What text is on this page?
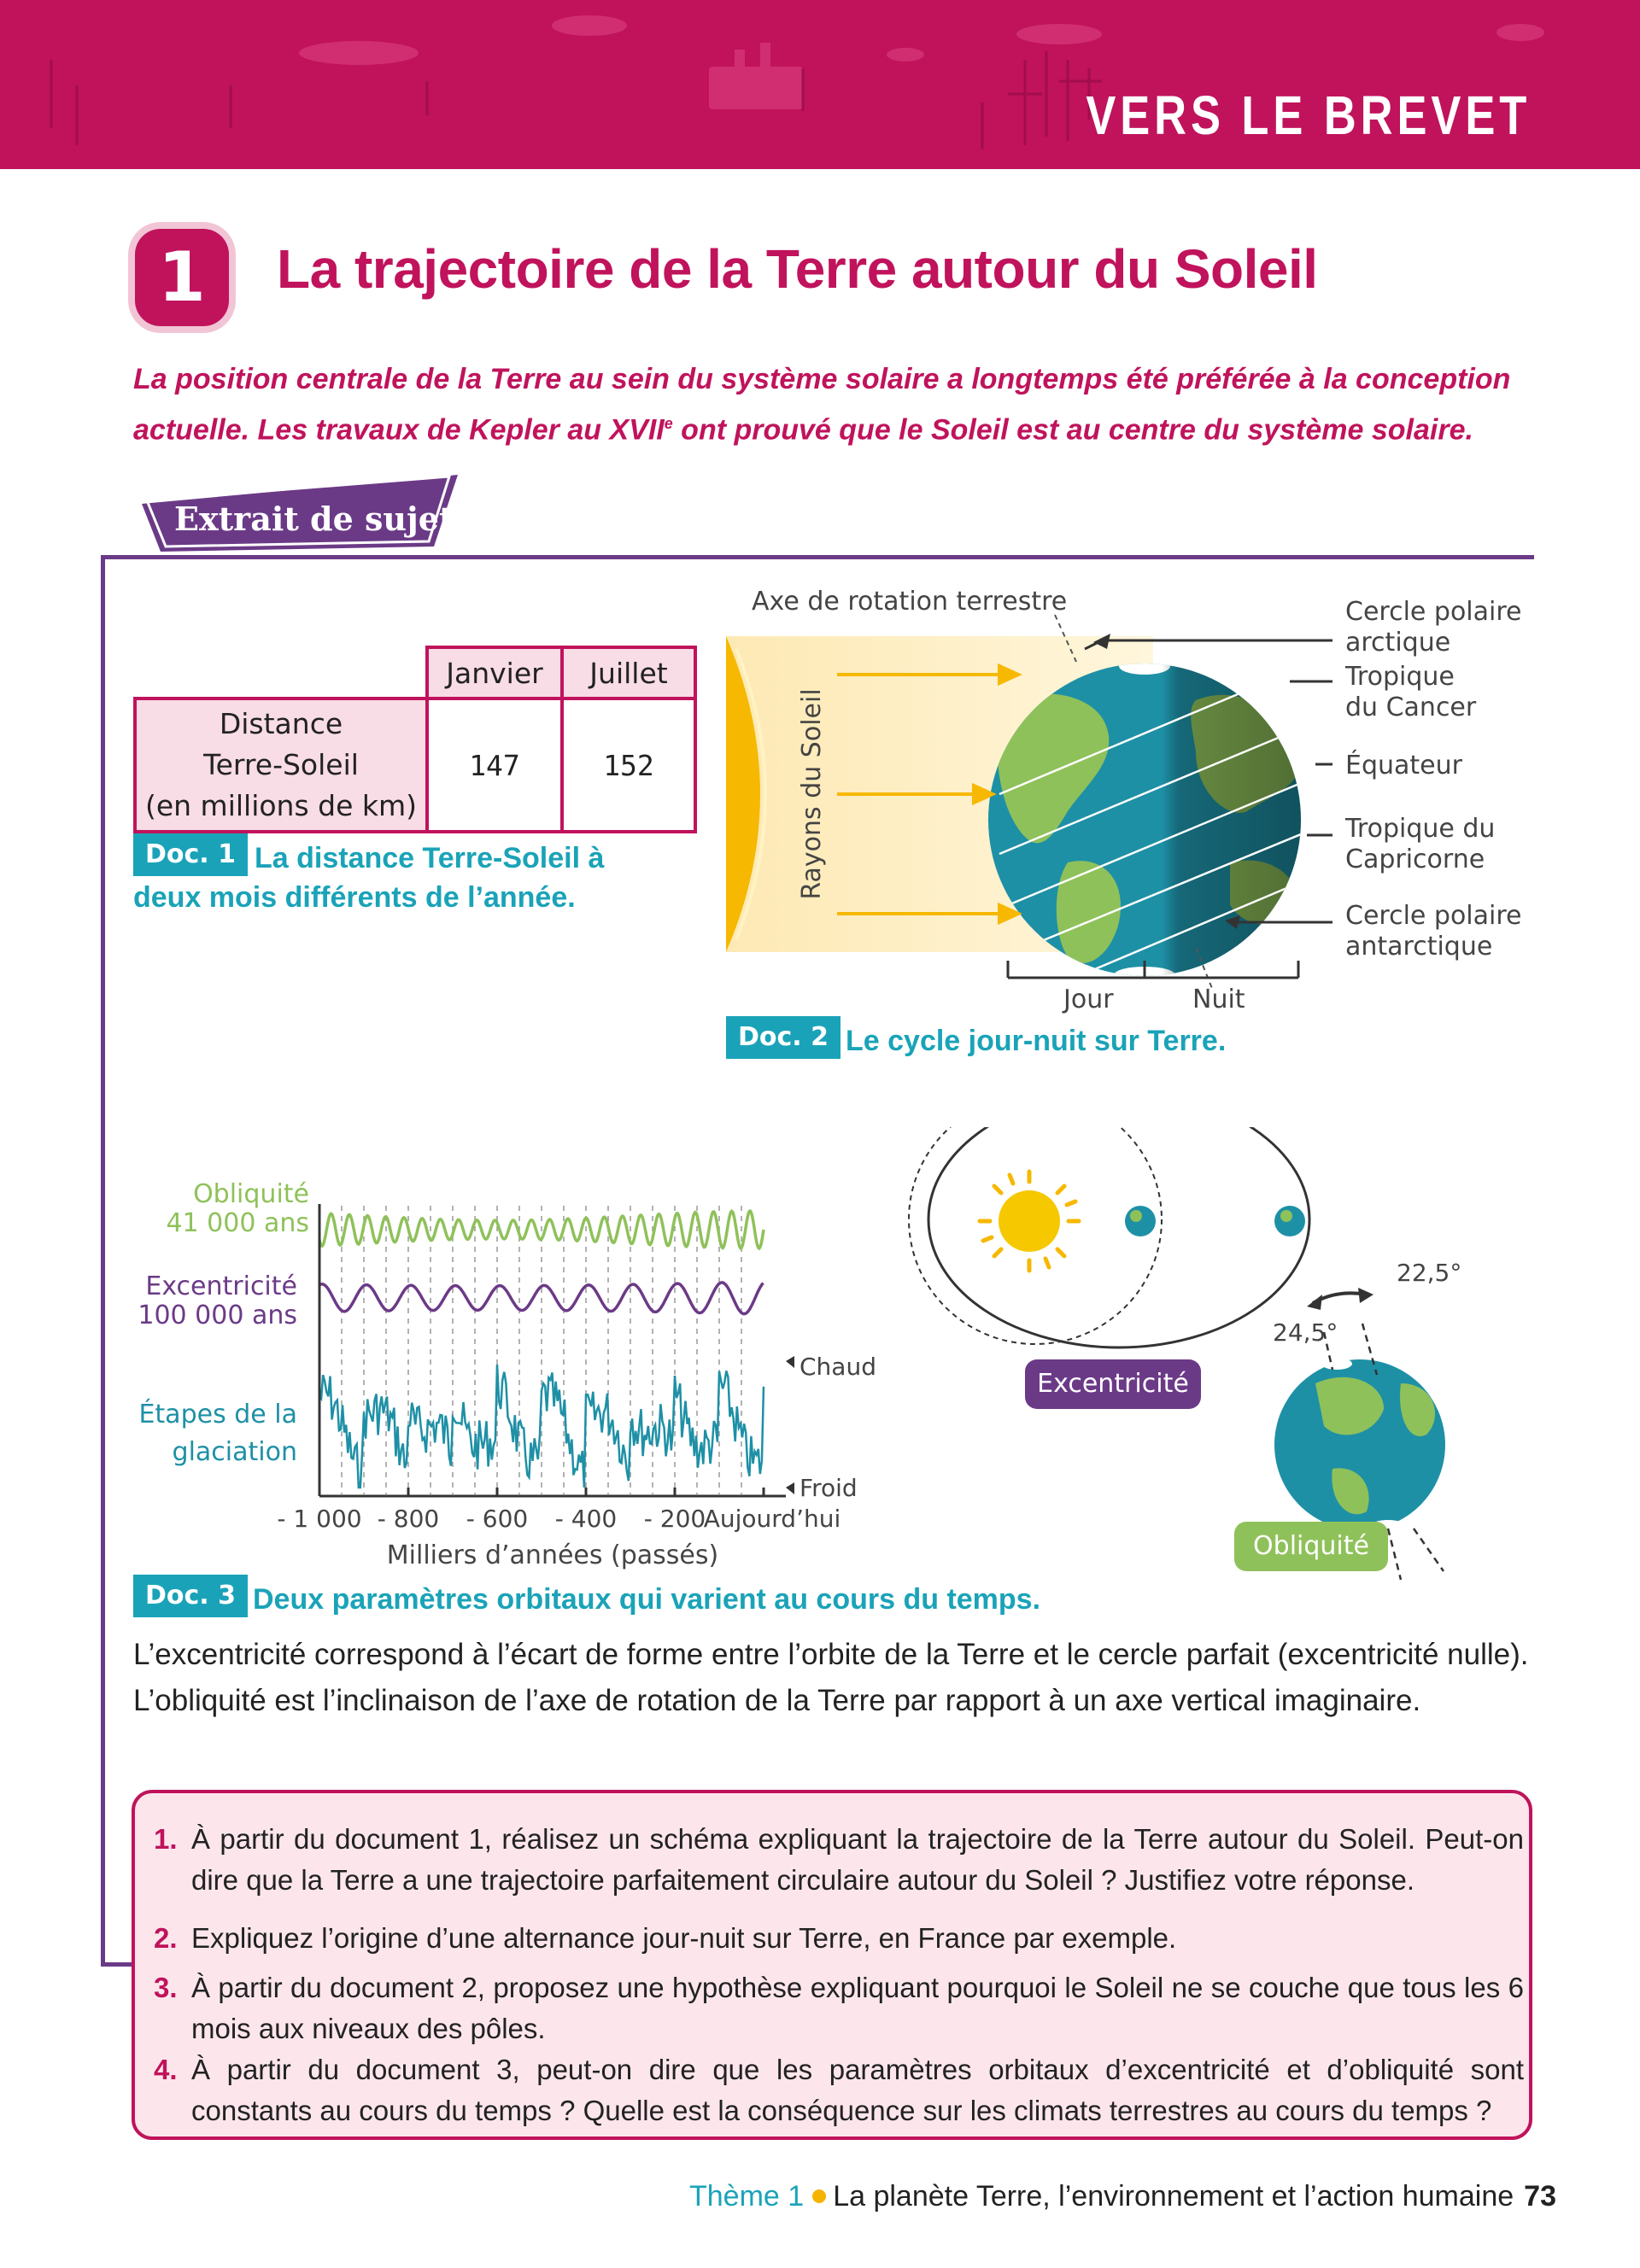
VERS LE BREVET
1	La trajectoire de la Terre autour du Soleil
La position centrale de la Terre au sein du système solaire a longtemps été préférée à la conception actuelle. Les travaux de Kepler au XVIIe ont prouvé que le Soleil est au centre du système solaire.
Extrait de sujet
	Janvier	Juillet

Distance
Terre-Soleil
(en millions de km)	147	152
Doc. 1 La distance Terre-Soleil à
deux mois différents de l’année.	Rayons du Soleil
Axe de rotation terrestre	Cercle polaire
arctique
Tropique
du Cancer
Équateur
Tropique du
Capricorne
Cercle polaire
antarctique
Jour	Nuit
Doc. 2 Le cycle jour-nuit sur Terre.
Obliquité
41 000 ans
Excentricité
100 000 ans
Étapes de la
glaciation
Chaud
Froid
- 1 000 - 800 - 600 - 400 - 200
Aujourd’hui
Milliers d’années (passés)
22,5°
24,5°
Excentricité
Obliquité
Doc. 3 Deux paramètres orbitaux qui varient au cours du temps.
L’excentricité correspond à l’écart de forme entre l’orbite de la Terre et le cercle parfait (excentricité nulle).
L’obliquité est l’inclinaison de l’axe de rotation de la Terre par rapport à un axe vertical imaginaire.
1. À partir du document 1, réalisez un schéma expliquant la trajectoire de la Terre autour du Soleil. Peut-on dire que la Terre a une trajectoire parfaitement circulaire autour du Soleil ? Justifiez votre réponse.
2. Expliquez l’origine d’une alternance jour-nuit sur Terre, en France par exemple.
3. À partir du document 2, proposez une hypothèse expliquant pourquoi le Soleil ne se couche que tous les 6 mois aux niveaux des pôles.
4. À partir du document 3, peut-on dire que les paramètres orbitaux d’excentricité et d’obliquité sont constants au cours du temps ? Quelle est la conséquence sur les climats terrestres au cours du temps ?
Thème 1 La planète Terre, l’environnement et l’action humaine 73
